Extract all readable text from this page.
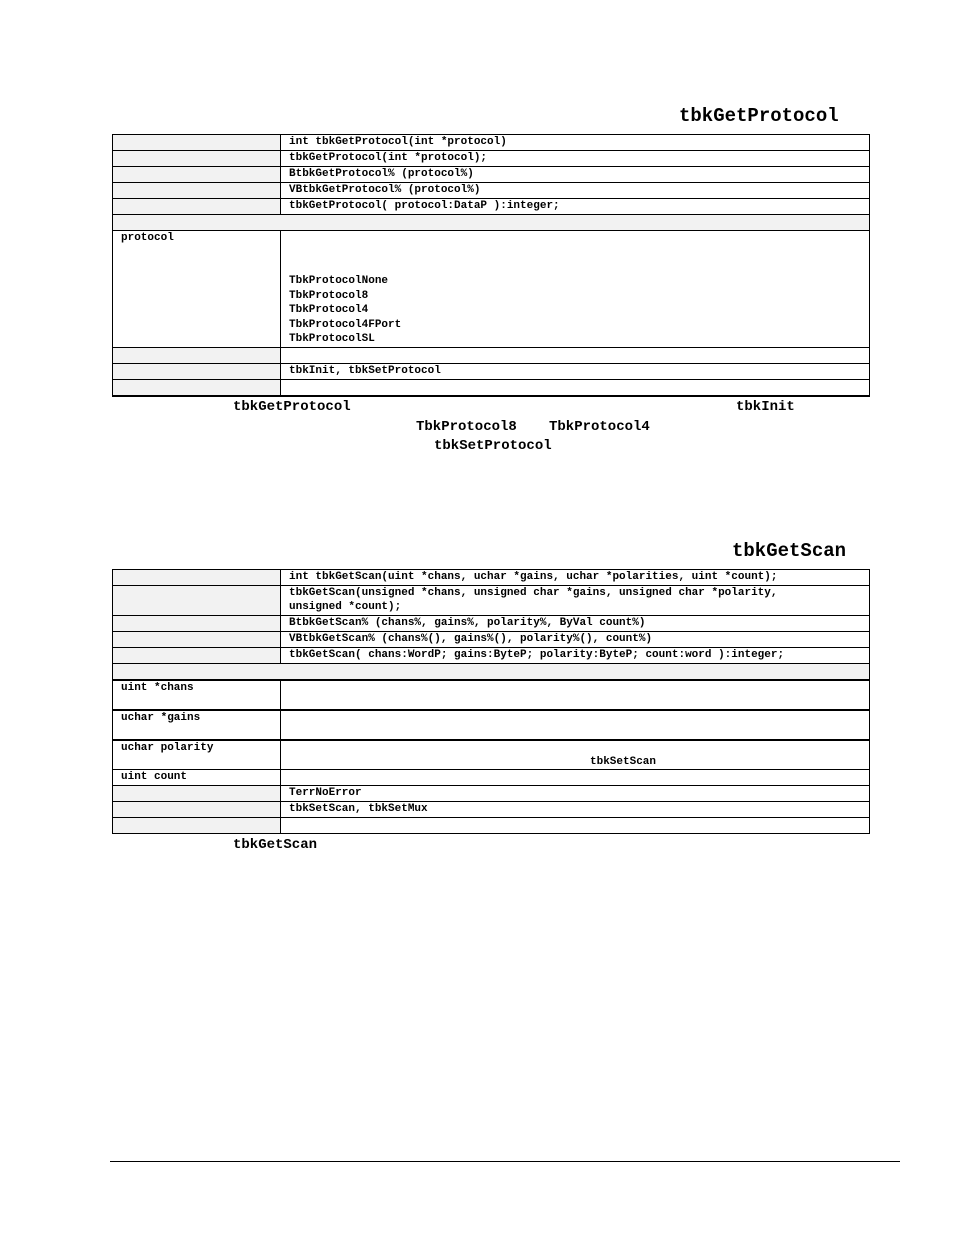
tbkGetProtocol
	int tbkGetProtocol(int *protocol)
	tbkGetProtocol(int *protocol);
	BtbkGetProtocol% (protocol%)
	VBtbkGetProtocol% (protocol%)
	tbkGetProtocol( protocol:DataP ):integer;

protocol	TbkProtocolNone
TbkProtocol8
TbkProtocol4
TbkProtocol4FPort
TbkProtocolSL

	tbkInit, tbkSetProtocol

tbkGetProtocol	tbkInit
TbkProtocol8 TbkProtocol4
tbkSetProtocol
tbkGetScan
	int tbkGetScan(uint *chans, uchar *gains, uchar *polarities, uint *count);

	tbkGetScan(unsigned *chans, unsigned char *gains, unsigned char *polarity,
unsigned *count);

	BtbkGetScan% (chans%, gains%, polarity%, ByVal count%)
	VBtbkGetScan% (chans%(), gains%(), polarity%(), count%)
	tbkGetScan( chans:WordP; gains:ByteP; polarity:ByteP; count:word ):integer;

uint *chans	
uchar *gains	
uchar polarity	tbkSetScan

uint count	
	TerrNoError
	tbkSetScan, tbkSetMux

tbkGetScan
